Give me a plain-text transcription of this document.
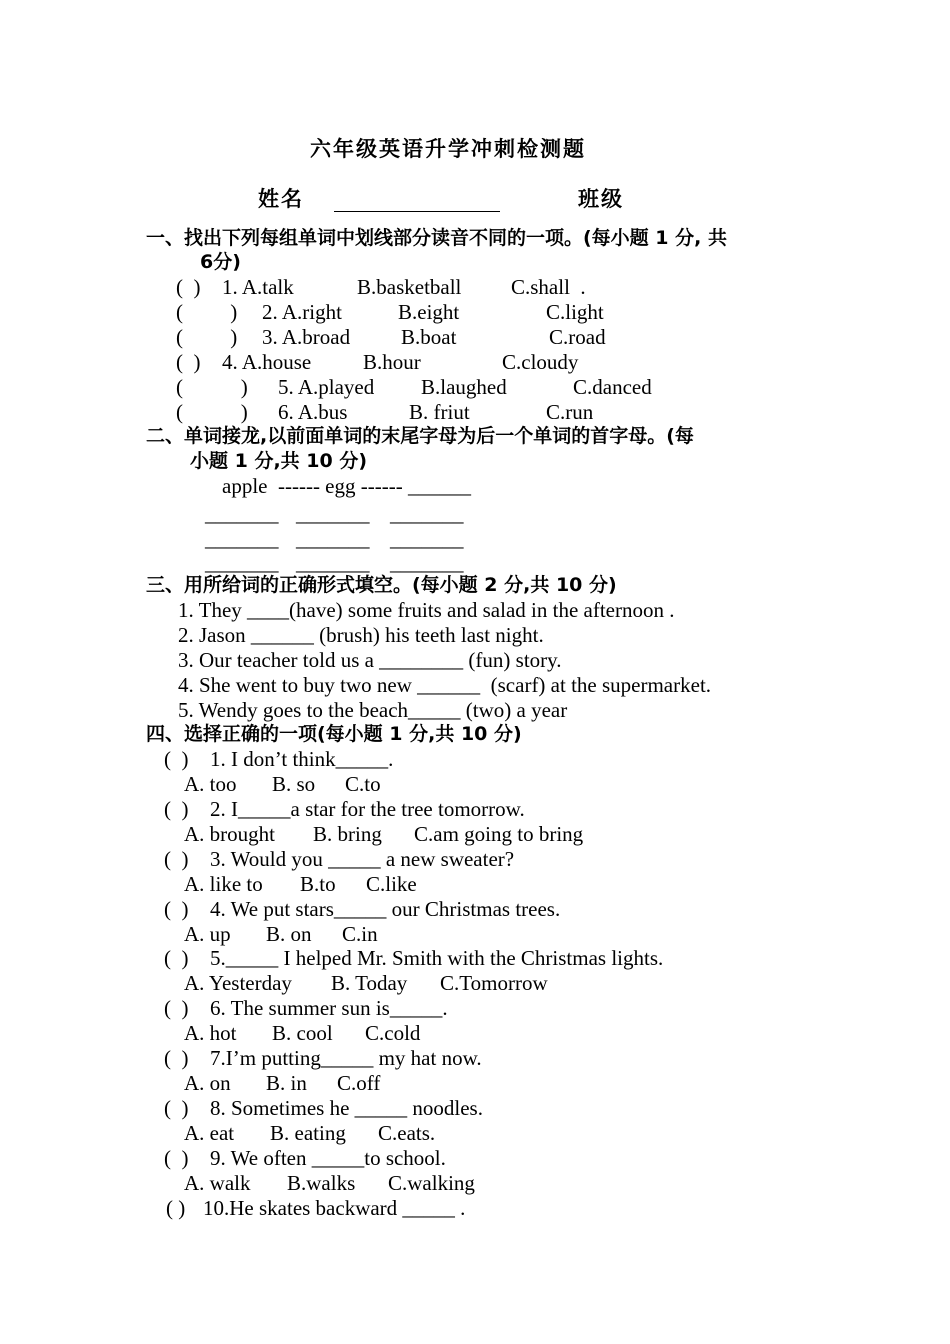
六年级英语升学冲刺检测题
姓名	班级
一、找出下列每组单词中划线部分读音不同的一项。(每小题 1 分, 共
6分)
(  ) 1. A.talk	B.basketball C.shall  .
(         ) 2. A.right	B.eight	C.light
(         ) 3. A.broad B.boat	C.road
(  ) 4. A.house B.hour	C.cloudy
(           ) 5. A.played B.laughed	C.danced
(           ) 6. A.bus	B. friut	C.run
二、单词接龙,以前面单词的末尾字母为后一个单词的首字母。(每
小题 1 分,共 10 分)
apple  ------ egg ------ ______
_______ _______ _______
_______ _______ _______
_______ _______ _______
三、用所给词的正确形式填空。(每小题 2 分,共 10 分)
1. They ____(have) some fruits and salad in the afternoon .
2. Jason ______ (brush) his teeth last night.
3. Our teacher told us a ________ (fun) story.
4. She went to buy two new ______  (scarf) at the supermarket.
5. Wendy goes to the beach_____ (two) a year
四、选择正确的一项(每小题 1 分,共 10 分)
(  ) 1. I don’t think_____.
A. too B. so C.to
(  ) 2. I_____a star for the tree tomorrow.
A. brought B. bring C.am going to bring
(  ) 3. Would you _____ a new sweater?
A. like to B.to C.like
(  ) 4. We put stars_____ our Christmas trees.
A. up B. on C.in
(  ) 5._____ I helped Mr. Smith with the Christmas lights.
A. Yesterday B. Today C.Tomorrow
(  ) 6. The summer sun is_____.
A. hot B. cool C.cold
(  ) 7.I’m putting_____ my hat now.
A. on B. in C.off
(  ) 8. Sometimes he _____ noodles.
A. eat B. eating C.eats.
(  ) 9. We often _____to school.
A. walk B.walks C.walking
( ) 10.He skates backward _____ .
